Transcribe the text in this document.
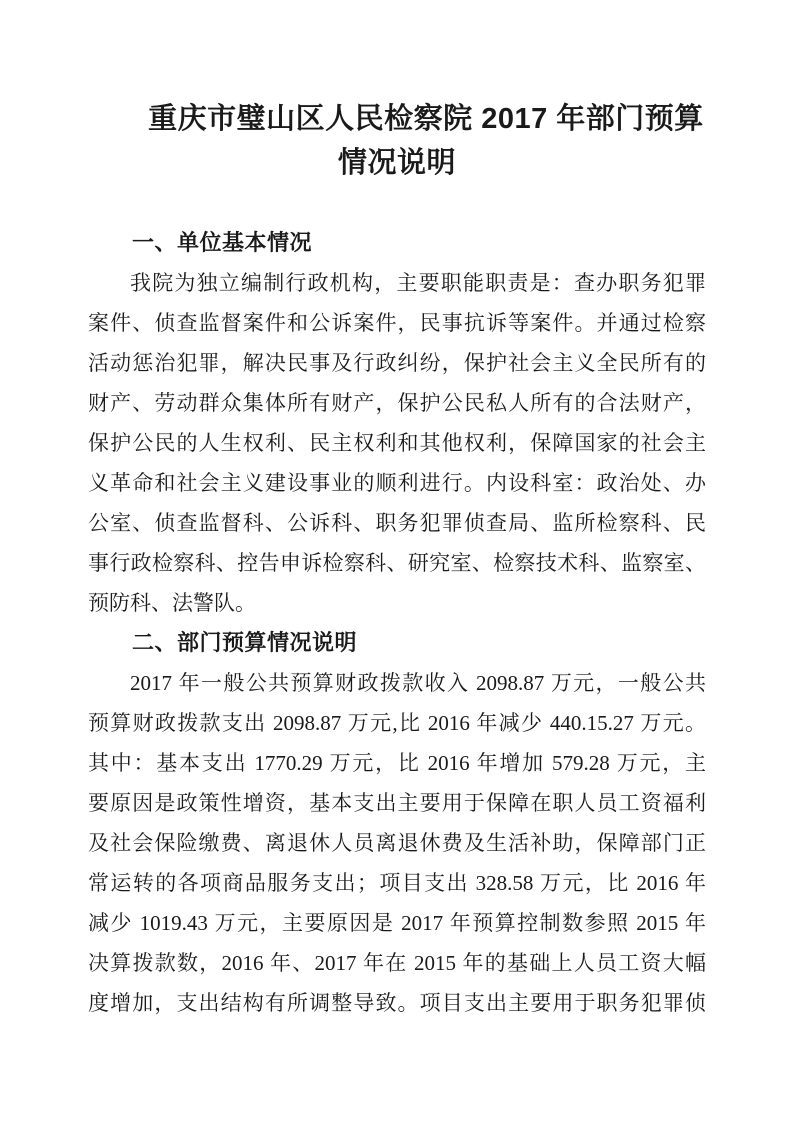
重庆市璧山区人民检察院 2017 年部门预算
情况说明
一、单位基本情况
我院为独立编制行政机构，主要职能职责是：查办职务犯罪
案件、侦查监督案件和公诉案件，民事抗诉等案件。并通过检察
活动惩治犯罪，解决民事及行政纠纷，保护社会主义全民所有的
财产、劳动群众集体所有财产，保护公民私人所有的合法财产，
保护公民的人生权利、民主权利和其他权利，保障国家的社会主
义革命和社会主义建设事业的顺利进行。内设科室：政治处、办
公室、侦查监督科、公诉科、职务犯罪侦查局、监所检察科、民
事行政检察科、控告申诉检察科、研究室、检察技术科、监察室、
预防科、法警队。
二、部门预算情况说明
2017 年一般公共预算财政拨款收入 2098.87 万元，一般公共
预算财政拨款支出 2098.87 万元,比 2016 年减少 440.15.27 万元。
其中：基本支出 1770.29 万元，比 2016 年增加 579.28 万元，主
要原因是政策性增资，基本支出主要用于保障在职人员工资福利
及社会保险缴费、离退休人员离退休费及生活补助，保障部门正
常运转的各项商品服务支出；项目支出 328.58 万元，比 2016 年
减少 1019.43 万元，主要原因是 2017 年预算控制数参照 2015 年
决算拨款数，2016 年、2017 年在 2015 年的基础上人员工资大幅
度增加，支出结构有所调整导致。项目支出主要用于职务犯罪侦
